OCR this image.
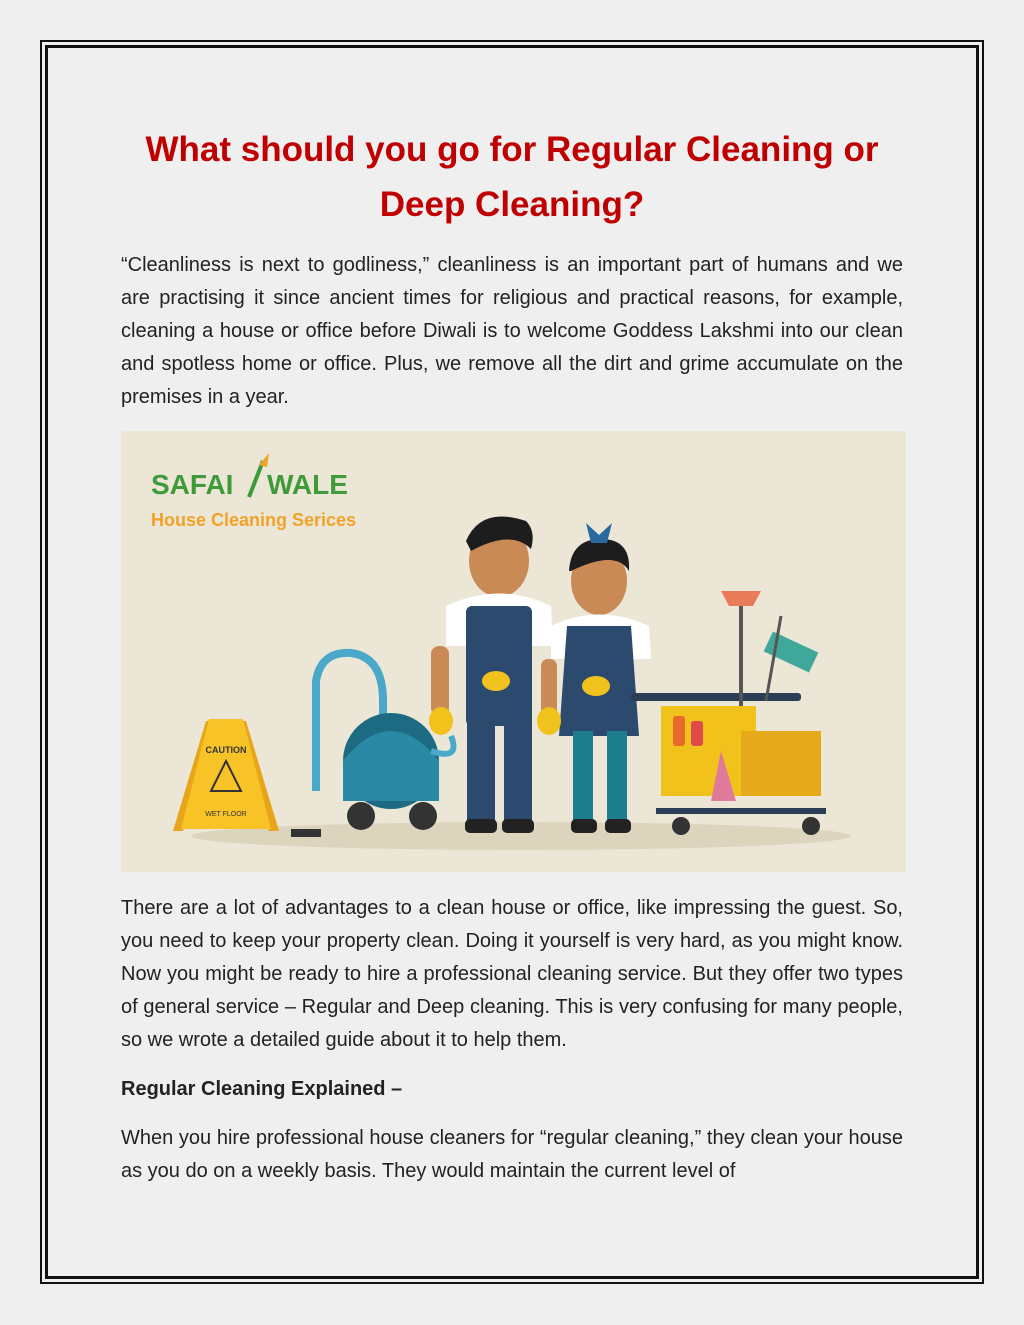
What should you go for Regular Cleaning or Deep Cleaning?

“Cleanliness is next to godliness,” cleanliness is an important part of humans and we are practising it since ancient times for religious and practical reasons, for example, cleaning a house or office before Diwali is to welcome Goddess Lakshmi into our clean and spotless home or office. Plus, we remove all the dirt and grime accumulate on the premises in a year.

SAFAI WALE
House Cleaning Serices
CAUTION
WET FLOOR

There are a lot of advantages to a clean house or office, like impressing the guest. So, you need to keep your property clean. Doing it yourself is very hard, as you might know. Now you might be ready to hire a professional cleaning service. But they offer two types of general service – Regular and Deep cleaning. This is very confusing for many people, so we wrote a detailed guide about it to help them.

Regular Cleaning Explained –

When you hire professional house cleaners for “regular cleaning,” they clean your house as you do on a weekly basis. They would maintain the current level of
